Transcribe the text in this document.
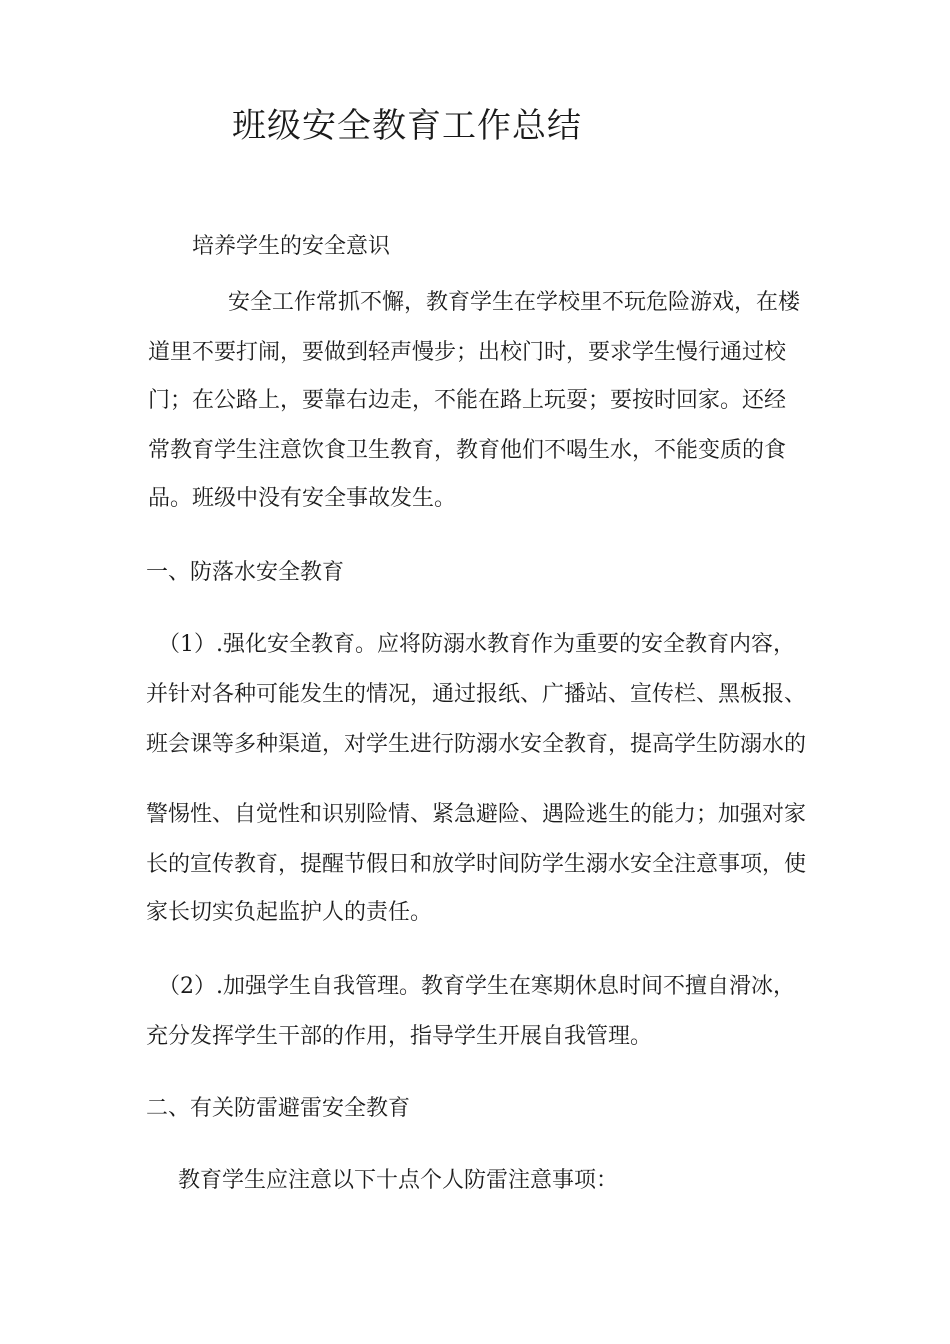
班级安全教育工作总结
培养学生的安全意识
安全工作常抓不懈，教育学生在学校里不玩危险游戏，在楼
道里不要打闹，要做到轻声慢步；出校门时，要求学生慢行通过校
门；在公路上，要靠右边走，不能在路上玩耍；要按时回家。还经
常教育学生注意饮食卫生教育，教育他们不喝生水，不能变质的食
品。班级中没有安全事故发生。
一、防落水安全教育
（1）.强化安全教育。应将防溺水教育作为重要的安全教育内容，
并针对各种可能发生的情况，通过报纸、广播站、宣传栏、黑板报、
班会课等多种渠道，对学生进行防溺水安全教育，提高学生防溺水的
警惕性、自觉性和识别险情、紧急避险、遇险逃生的能力；加强对家
长的宣传教育，提醒节假日和放学时间防学生溺水安全注意事项，使
家长切实负起监护人的责任。
（2）.加强学生自我管理。教育学生在寒期休息时间不擅自滑冰，
充分发挥学生干部的作用，指导学生开展自我管理。
二、有关防雷避雷安全教育
教育学生应注意以下十点个人防雷注意事项：
